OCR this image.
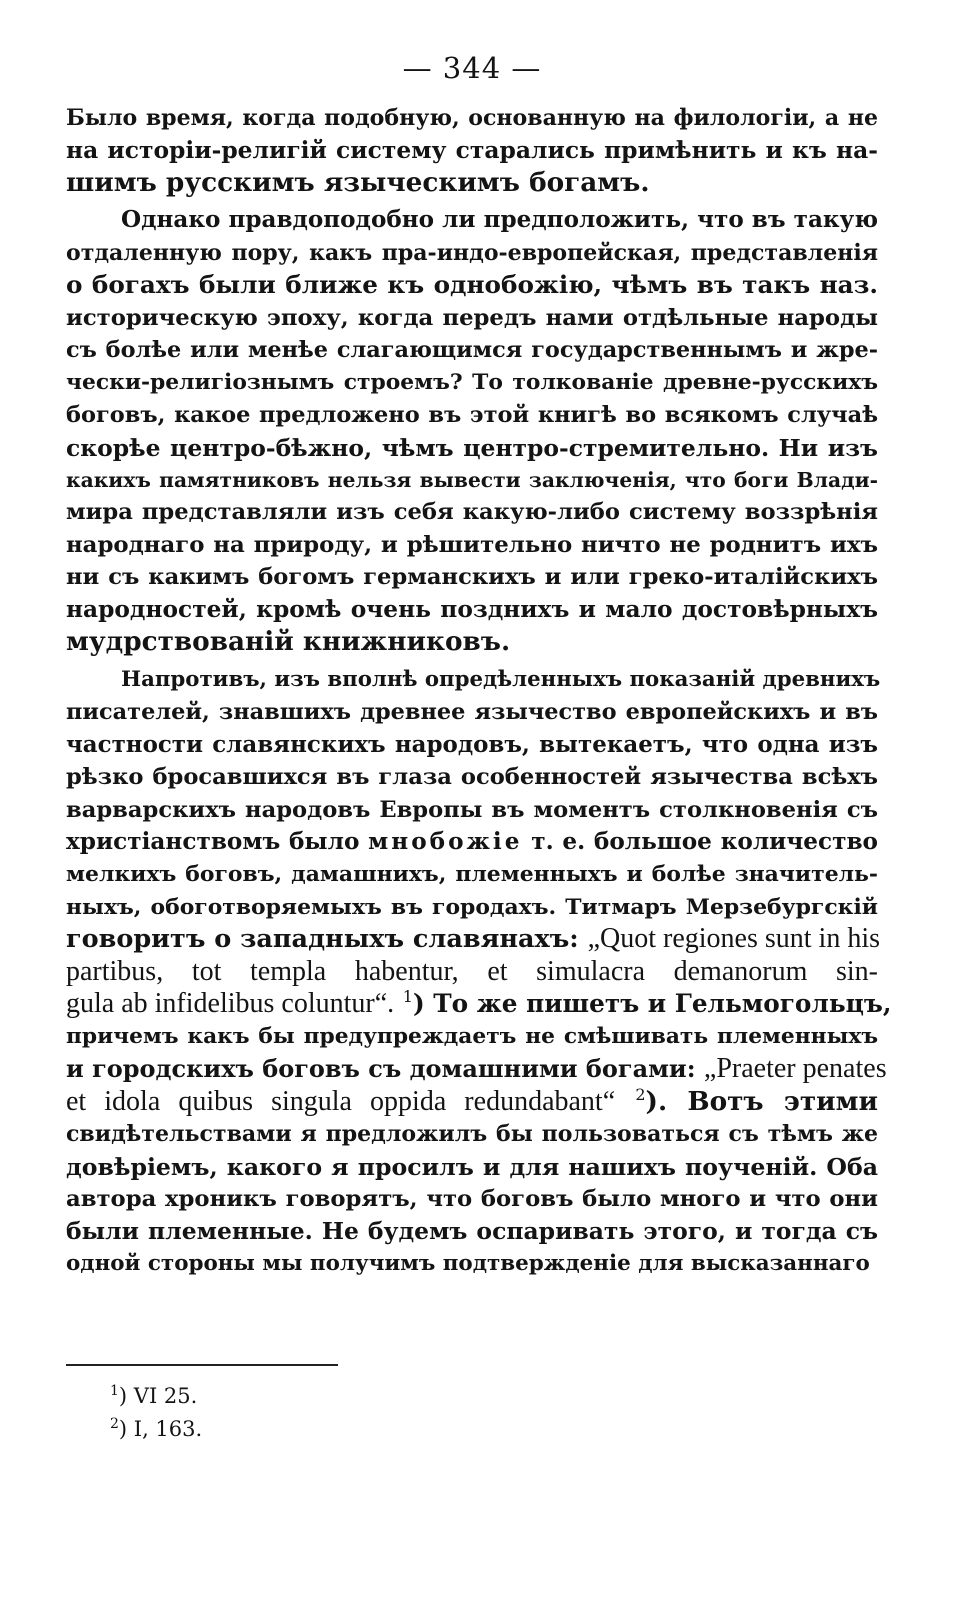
— 344 —

Было время, когда подобную, основанную на филологіи, а не
на исторіи-религій систему старались примѣнить и къ на-
шимъ русскимъ языческимъ богамъ.

Однако правдоподобно ли предположить, что въ такую
отдаленную пору, какъ пра-индо-европейская, представленія
о богахъ были ближе къ однобожію, чѣмъ въ такъ наз.
историческую эпоху, когда передъ нами отдѣльные народы
съ болѣе или менѣе слагающимся государственнымъ и жре-
чески-религіознымъ строемъ? То толкованіе древне-русскихъ
боговъ, какое предложено въ этой книгѣ во всякомъ случаѣ
скорѣе центро-бѣжно, чѣмъ центро-стремительно. Ни изъ
какихъ памятниковъ нельзя вывести заключенія, что боги Влади-
мира представляли изъ себя какую-либо систему воззрѣнія
народнаго на природу, и рѣшительно ничто не роднитъ ихъ
ни съ какимъ богомъ германскихъ и или греко-италійскихъ
народностей, кромѣ очень позднихъ и мало достовѣрныхъ
мудрствованій книжниковъ.

Напротивъ, изъ вполнѣ опредѣленныхъ показаній древнихъ
писателей, знавшихъ древнее язычество европейскихъ и въ
частности славянскихъ народовъ, вытекаетъ, что одна изъ
рѣзко бросавшихся въ глаза особенностей язычества всѣхъ
варварскихъ народовъ Европы въ моментъ столкновенія съ
христіанствомъ было мнобожіе т. е. большое количество
мелкихъ боговъ, дамашнихъ, племенныхъ и болѣе значитель-
ныхъ, обоготворяемыхъ въ городахъ. Титмаръ Мерзебургскій
говоритъ о западныхъ славянахъ: „Quot regiones sunt in his
partibus, tot templa habentur, et simulacra demanorum sin-
gula ab infidelibus coluntur“. $^1$) То же пишетъ и Гельмогольцъ,
причемъ какъ бы предупреждаетъ не смѣшивать племенныхъ
и городскихъ боговъ съ домашними богами: „Praeter penates
et idola quibus singula oppida redundabant“ $^2$). Вотъ этими
свидѣтельствами я предложилъ бы пользоваться съ тѣмъ же
довѣріемъ, какого я просилъ и для нашихъ поученій. Оба
автора хроникъ говорятъ, что боговъ было много и что они
были племенные. Не будемъ оспаривать этого, и тогда съ
одной стороны мы получимъ подтвержденіе для высказаннаго

$^1$) VI 25.
$^2$) I, 163.
